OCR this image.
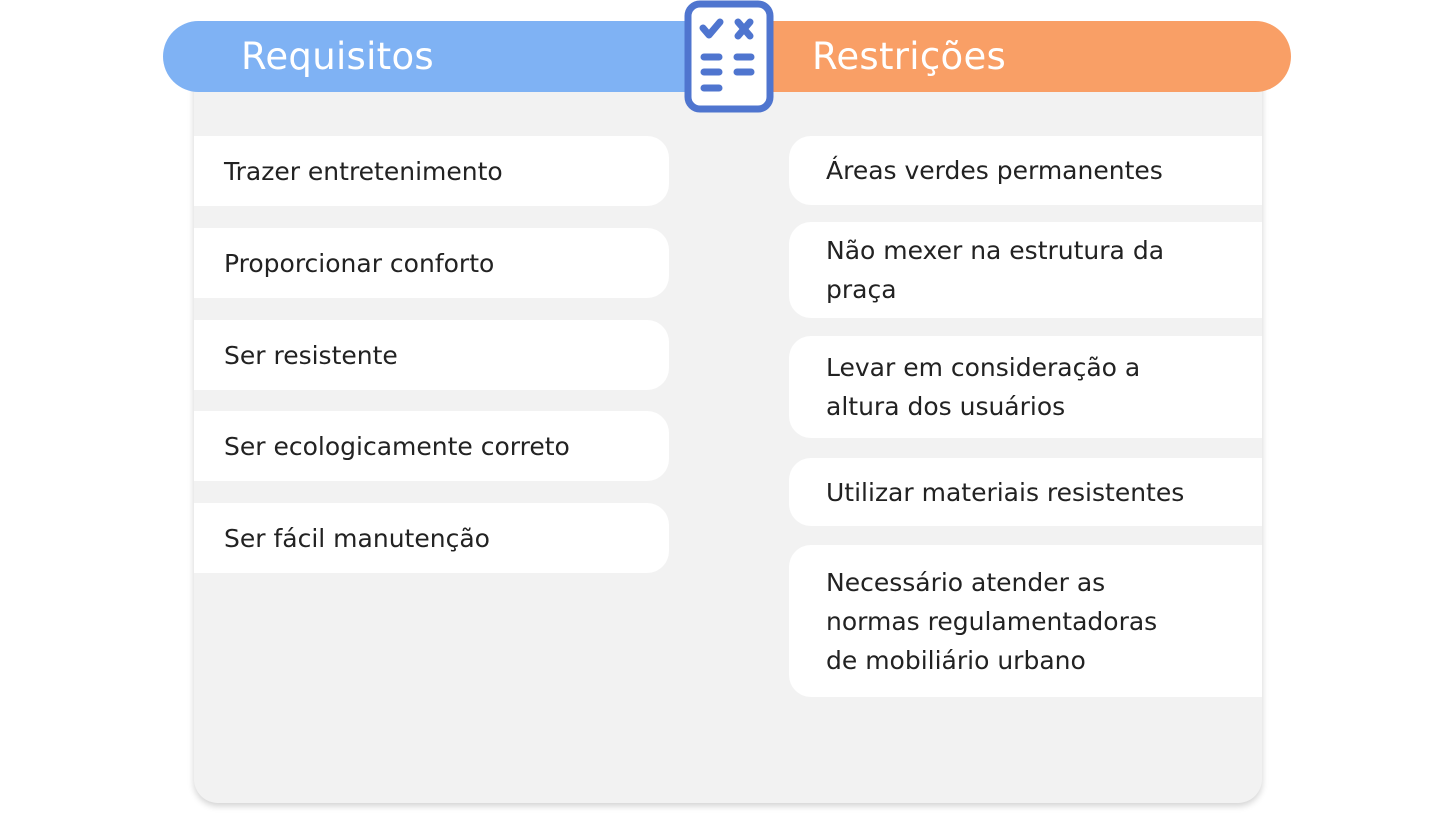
Requisitos	Restrições
Trazer entretenimento
Proporcionar conforto
Ser resistente
Ser ecologicamente correto
Ser fácil manutenção
Áreas verdes permanentes
Não mexer na estrutura da
praça
Levar em consideração a
altura dos usuários
Utilizar materiais resistentes
Necessário atender as
normas regulamentadoras
de mobiliário urbano
